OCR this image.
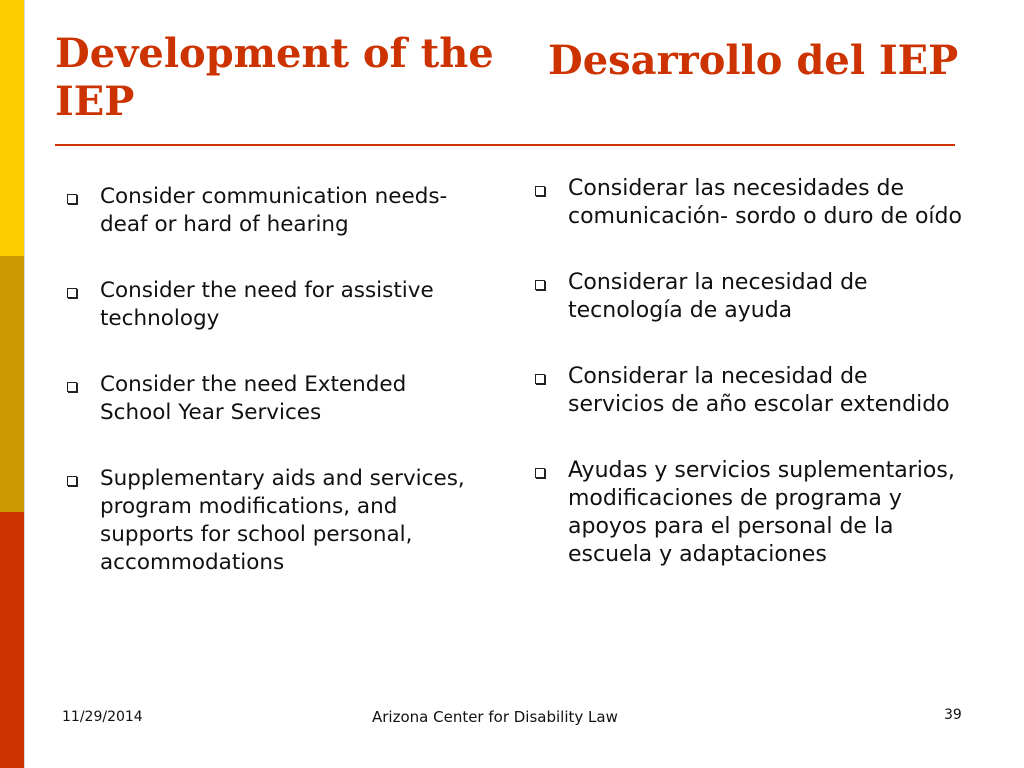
Development of the IEP
Desarrollo del IEP
Consider communication needs- deaf or hard of hearing
Consider the need for assistive technology
Consider the need Extended School Year Services
Supplementary aids and services, program modifications, and supports for school personal, accommodations
Considerar las necesidades de comunicación- sordo o duro de oído
Considerar la necesidad de tecnología de ayuda
Considerar la necesidad de servicios de año escolar extendido
Ayudas y servicios suplementarios, modificaciones de programa y apoyos para el personal de la escuela y adaptaciones
11/29/2014	Arizona Center for Disability Law	39
